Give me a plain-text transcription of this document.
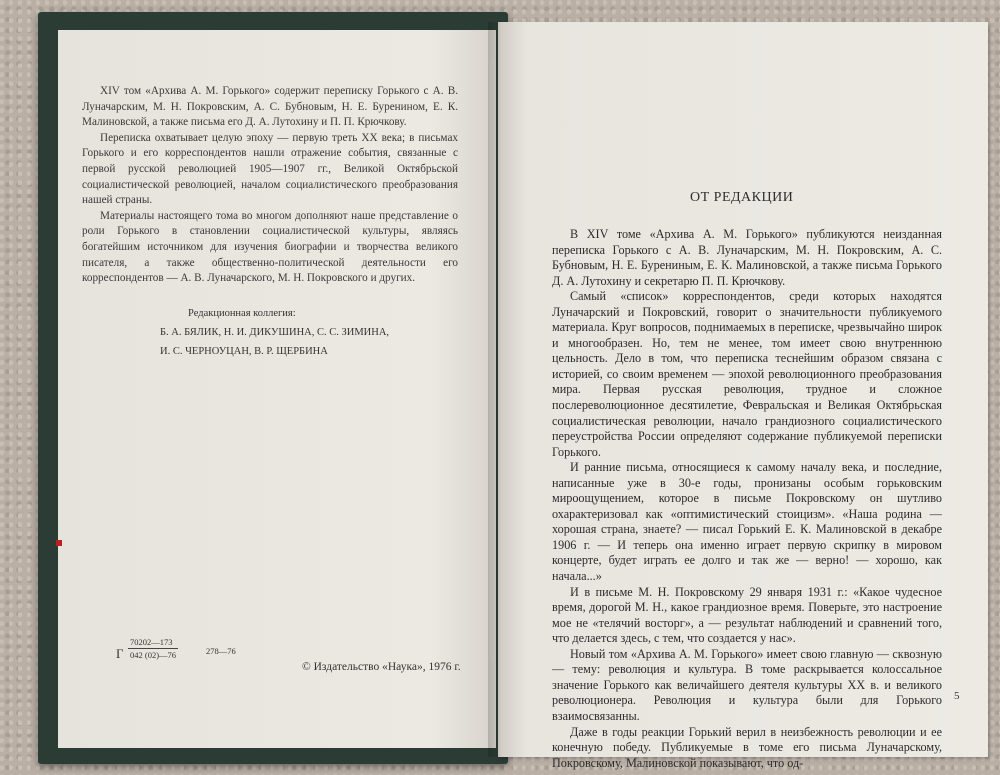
XIV том «Архива А. М. Горького» содержит переписку Горького с А. В. Луначарским, М. Н. Покровским, А. С. Бубновым, Н. Е. Буренином, Е. К. Малиновской, а также письма его Д. А. Лутохину и П. П. Крючкову.

Переписка охватывает целую эпоху — первую треть XX века; в письмах Горького и его корреспондентов нашли отражение события, связанные с первой русской революцией 1905—1907 гг., Великой Октябрьской социалистической революцией, началом социалистического преобразования нашей страны.

Материалы настоящего тома во многом дополняют наше представление о роли Горького в становлении социалистической культуры, являясь богатейшим источником для изучения биографии и творчества великого писателя, а также общественно-политической деятельности его корреспондентов — А. В. Луначарского, М. Н. Покровского и других.

Редакционная коллегия:
Б. А. БЯЛИК, Н. И. ДИКУШИНА, С. С. ЗИМИНА,
И. С. ЧЕРНОУЦАН, В. Р. ЩЕРБИНА
Г $\frac{70202—173}{042 (02)—76}$	278—76
© Издательство «Наука», 1976 г.
ОТ РЕДАКЦИИ

В XIV томе «Архива А. М. Горького» публикуются неизданная переписка Горького с А. В. Луначарским, М. Н. Покровским, А. С. Бубновым, Н. Е. Бурениным, Е. К. Малиновской, а также письма Горького Д. А. Лутохину и секретарю П. П. Крючкову.

Самый «список» корреспондентов, среди которых находятся Луначарский и Покровский, говорит о значительности публикуемого материала. Круг вопросов, поднимаемых в переписке, чрезвычайно широк и многообразен. Но, тем не менее, том имеет свою внутреннюю цельность. Дело в том, что переписка теснейшим образом связана с историей, со своим временем — эпохой революционного преобразования мира. Первая русская революция, трудное и сложное послереволюционное десятилетие, Февральская и Великая Октябрьская социалистическая революции, начало грандиозного социалистического переустройства России определяют содержание публикуемой переписки Горького.

И ранние письма, относящиеся к самому началу века, и последние, написанные уже в 30-е годы, пронизаны особым горьковским мироощущением, которое в письме Покровскому он шутливо охарактеризовал как «оптимистический стоицизм». «Наша родина — хорошая страна, знаете? — писал Горький Е. К. Малиновской в декабре 1906 г. — И теперь она именно играет первую скрипку в мировом концерте, будет играть ее долго и так же — верно! — хорошо, как начала...»

И в письме М. Н. Покровскому 29 января 1931 г.: «Какое чудесное время, дорогой М. Н., какое грандиозное время. Поверьте, это настроение мое не «телячий восторг», а — результат наблюдений и сравнений того, что делается здесь, с тем, что создается у нас».

Новый том «Архива А. М. Горького» имеет свою главную — сквозную — тему: революция и культура. В томе раскрывается колоссальное значение Горького как величайшего деятеля культуры XX в. и великого революционера. Революция и культура были для Горького взаимосвязанны.

Даже в годы реакции Горький верил в неизбежность революции и ее конечную победу. Публикуемые в томе его письма Луначарскому, Покровскому, Малиновской показывают, что од-

5
